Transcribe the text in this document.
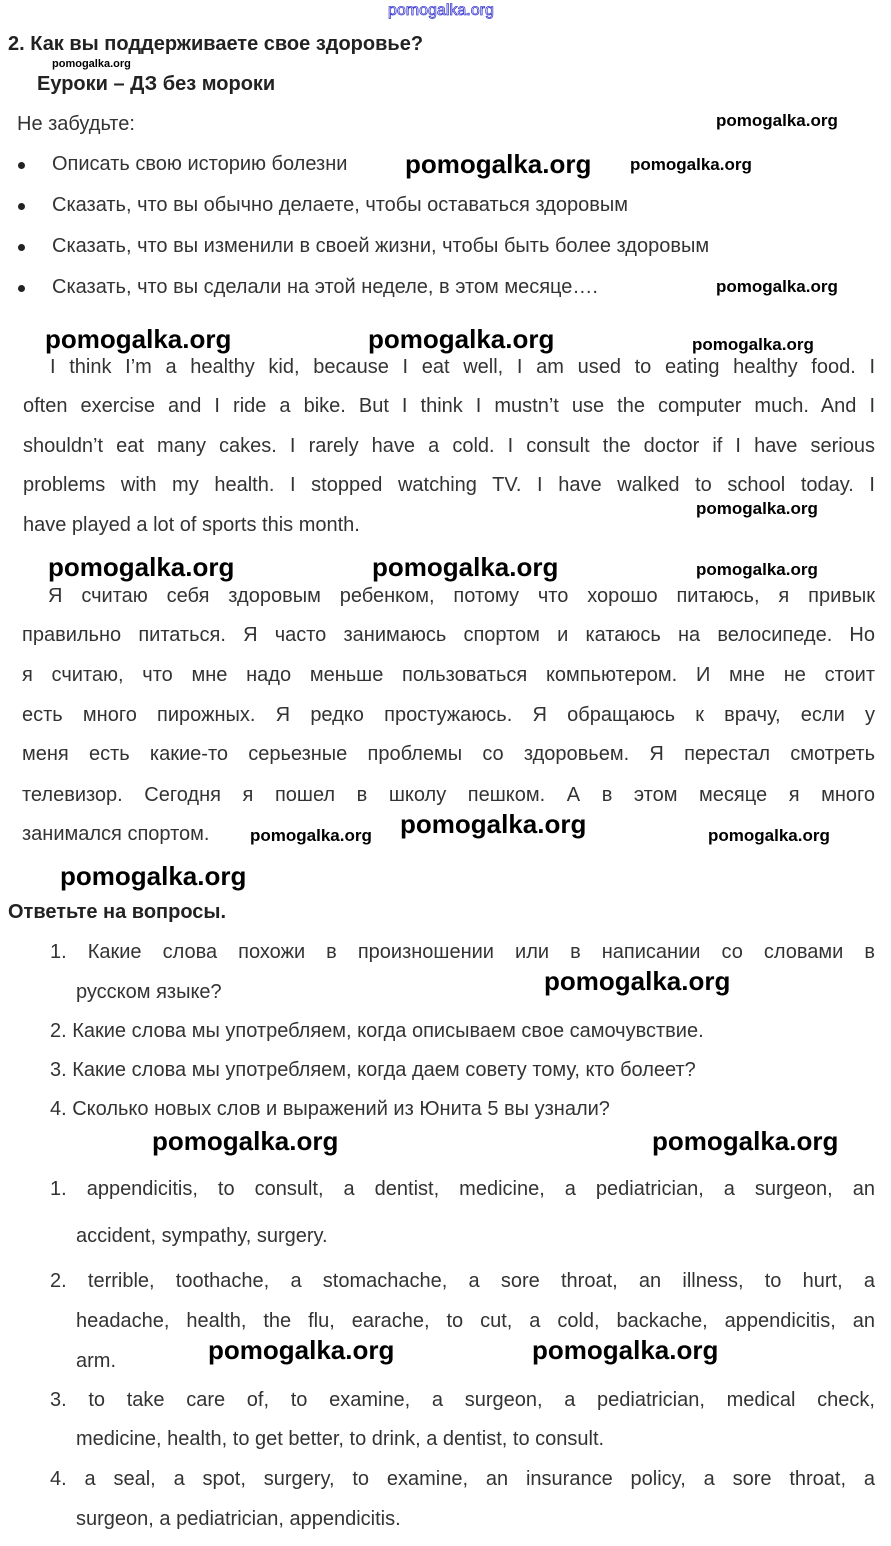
pomogalka.org
2. Как вы поддерживаете свое здоровье?
Еуроки – ДЗ без мороки
Не забудьте:
Описать свою историю болезни
Сказать, что вы обычно делаете, чтобы оставаться здоровым
Сказать, что вы изменили в своей жизни, чтобы быть более здоровым
Сказать, что вы сделали на этой неделе, в этом месяце….
I think I’m a healthy kid, because I eat well, I am used to eating healthy food. I
often exercise and I ride a bike. But I think I mustn’t use the computer much. And I
shouldn’t eat many cakes. I rarely have a cold. I consult the doctor if I have serious
problems with my health. I stopped watching TV. I have walked to school today. I
have played a lot of sports this month.
Я считаю себя здоровым ребенком, потому что хорошо питаюсь, я привык
правильно питаться. Я часто занимаюсь спортом и катаюсь на велосипеде. Но
я считаю, что мне надо меньше пользоваться компьютером. И мне не стоит
есть много пирожных. Я редко простужаюсь. Я обращаюсь к врачу, если у
меня есть какие-то серьезные проблемы со здоровьем. Я перестал смотреть
телевизор. Сегодня я пошел в школу пешком. А в этом месяце я много
занимался спортом.
Ответьте на вопросы.
1. Какие слова похожи в произношении или в написании со словами в
русском языке?
2. Какие слова мы употребляем, когда описываем свое самочувствие.
3. Какие слова мы употребляем, когда даем совету тому, кто болеет?
4. Сколько новых слов и выражений из Юнита 5 вы узнали?
1. appendicitis, to consult, a dentist, medicine, a pediatrician, a surgeon, an
accident, sympathy, surgery.
2. terrible, toothache, a stomachache, a sore throat, an illness, to hurt, a
headache, health, the flu, earache, to cut, a cold, backache, appendicitis, an
arm.
3. to take care of, to examine, a surgeon, a pediatrician, medical check,
medicine, health, to get better, to drink, a dentist, to consult.
4. a seal, a spot, surgery, to examine, an insurance policy, a sore throat, a
surgeon, a pediatrician, appendicitis.
pomogalka.org
pomogalka.org
pomogalka.org pomogalka.org
pomogalka.org
pomogalka.org	pomogalka.org	pomogalka.org
pomogalka.org
pomogalka.org	pomogalka.org	pomogalka.org
pomogalka.org	pomogalka.org
pomogalka.org
pomogalka.org
pomogalka.org
pomogalka.org	pomogalka.org
pomogalka.org	pomogalka.org
